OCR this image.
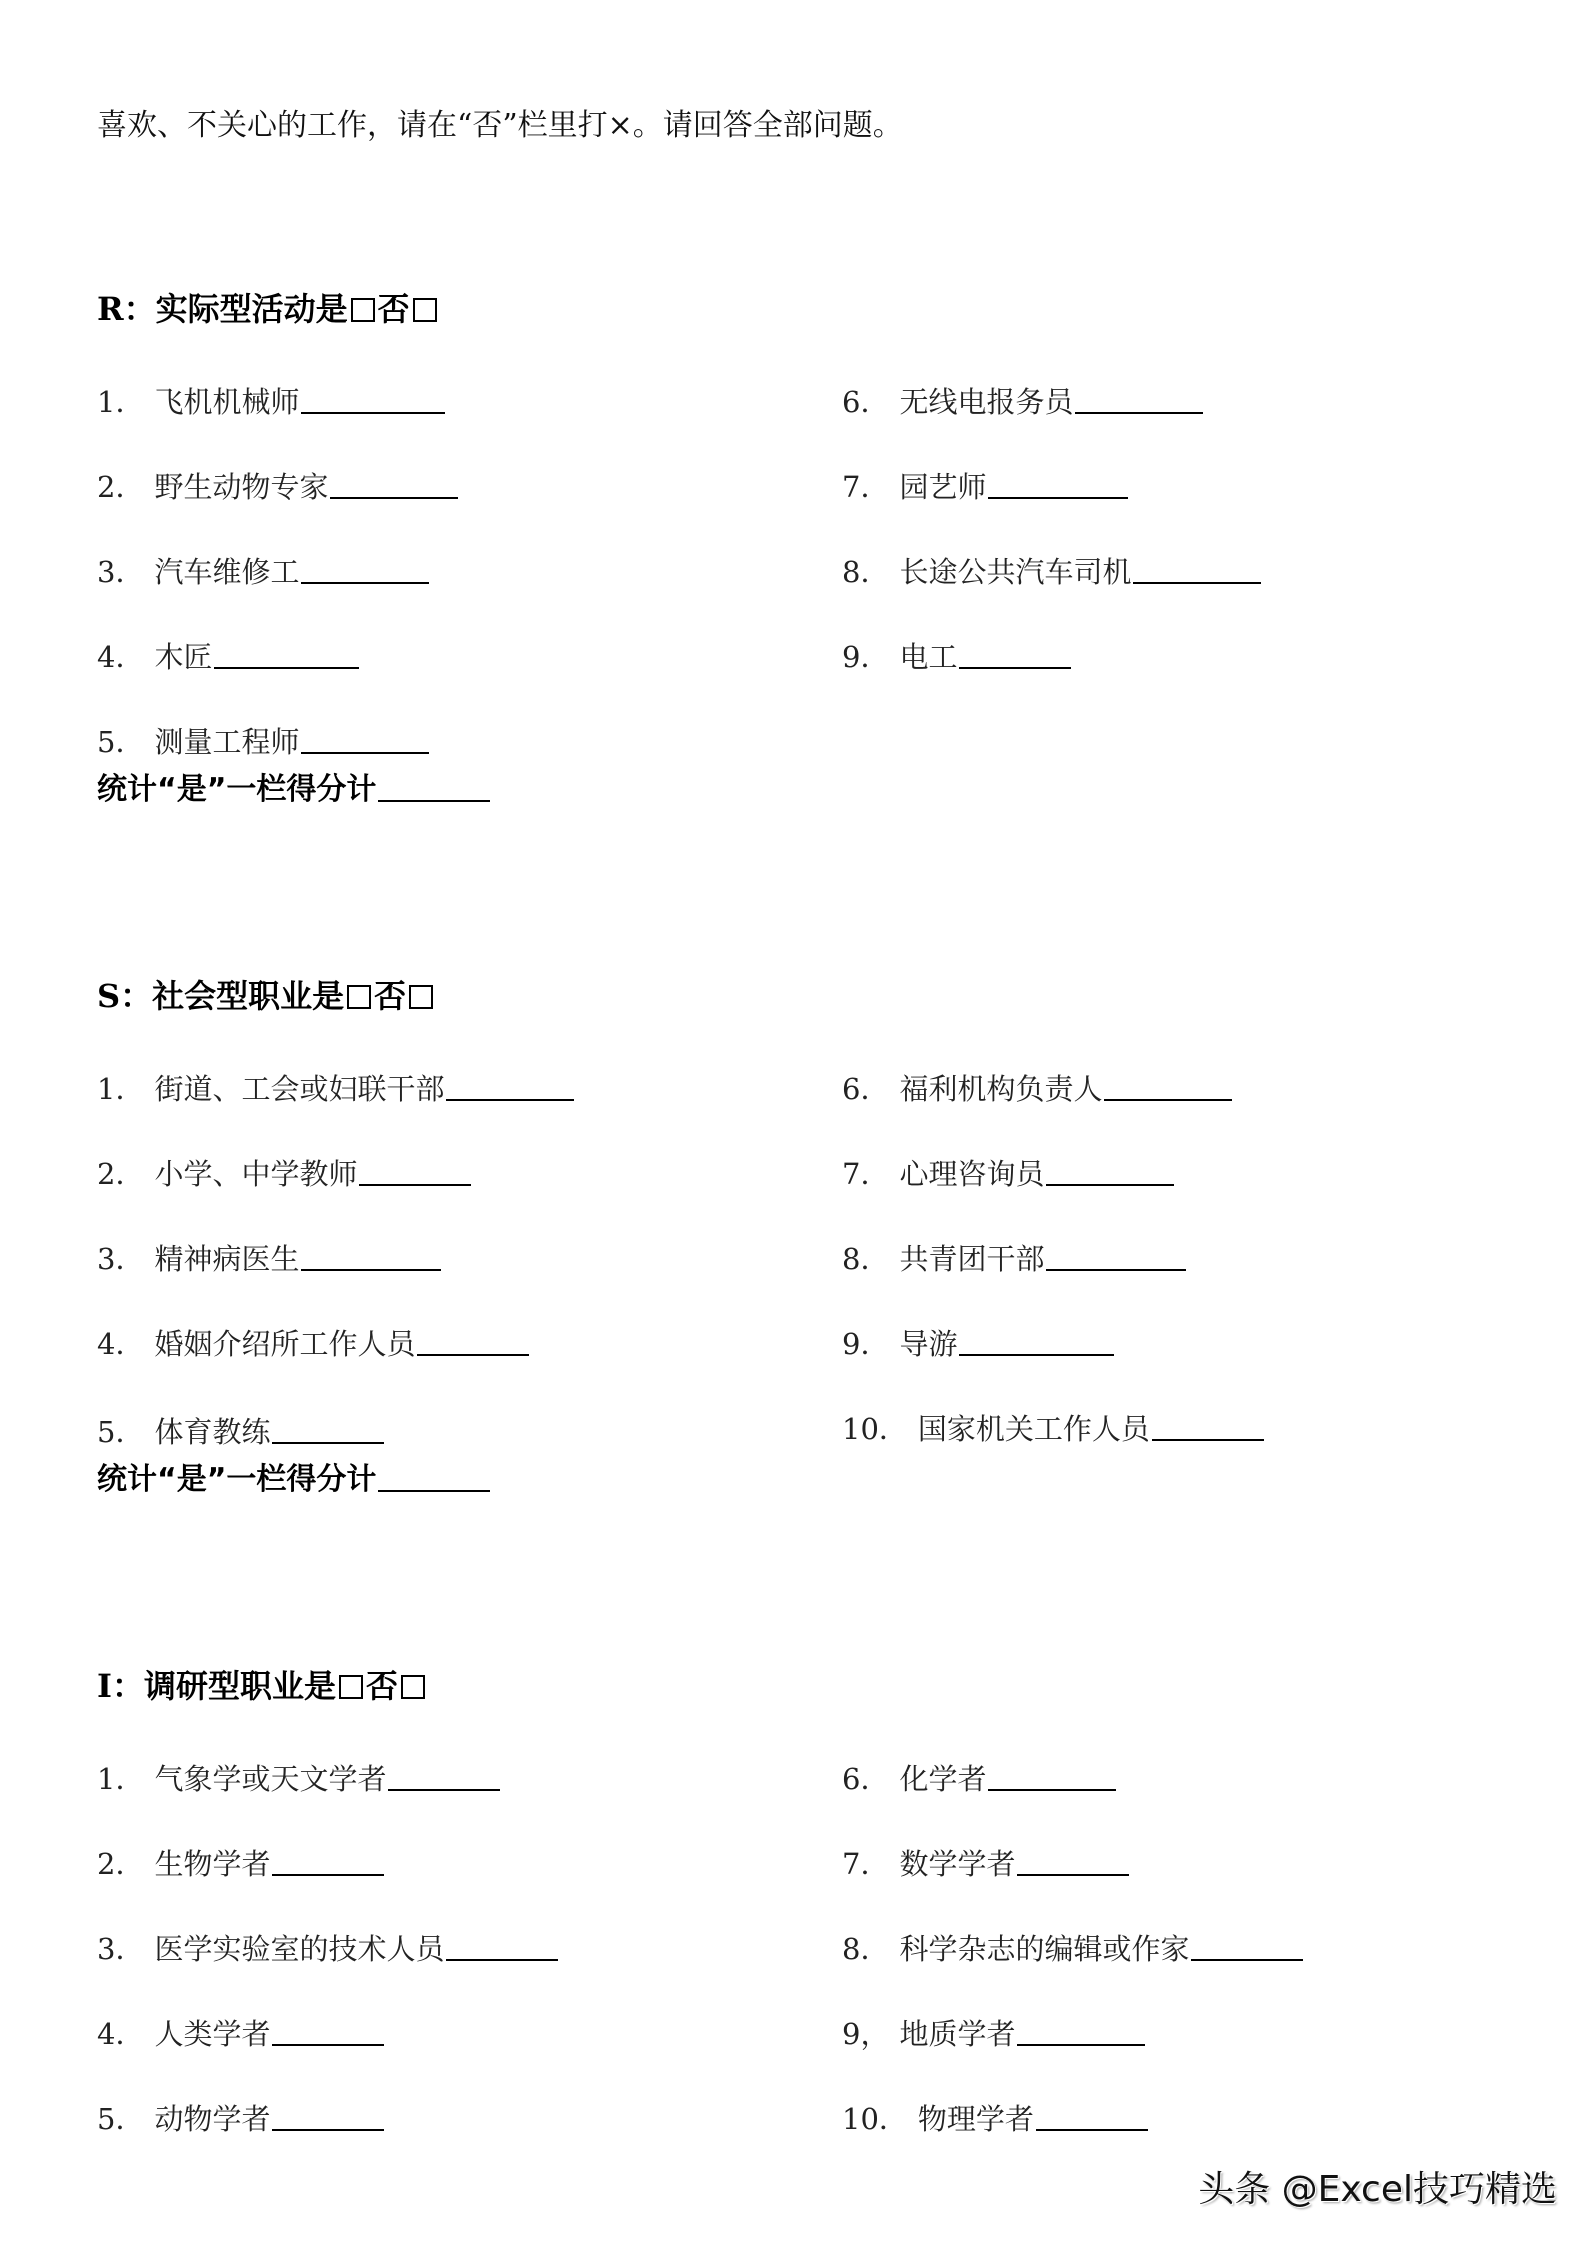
喜欢、不关心的工作，请在“否”栏里打×。请回答全部问题。
R：实际型活动是 否
1． 飞机机械师
2． 野生动物专家
3． 汽车维修工
4． 木匠
5． 测量工程师
6． 无线电报务员
7． 园艺师
8． 长途公共汽车司机
9． 电工
统计“是”一栏得分计
S：社会型职业是 否
1． 街道、工会或妇联干部
2． 小学、中学教师
3． 精神病医生
4． 婚姻介绍所工作人员
5． 体育教练
6． 福利机构负责人
7． 心理咨询员
8． 共青团干部
9． 导游
10． 国家机关工作人员
统计“是”一栏得分计
I：调研型职业是 否
1． 气象学或天文学者
2． 生物学者
3． 医学实验室的技术人员
4． 人类学者
5． 动物学者
6． 化学者
7． 数学学者
8． 科学杂志的编辑或作家
9， 地质学者
10． 物理学者
头条 @Excel技巧精选
